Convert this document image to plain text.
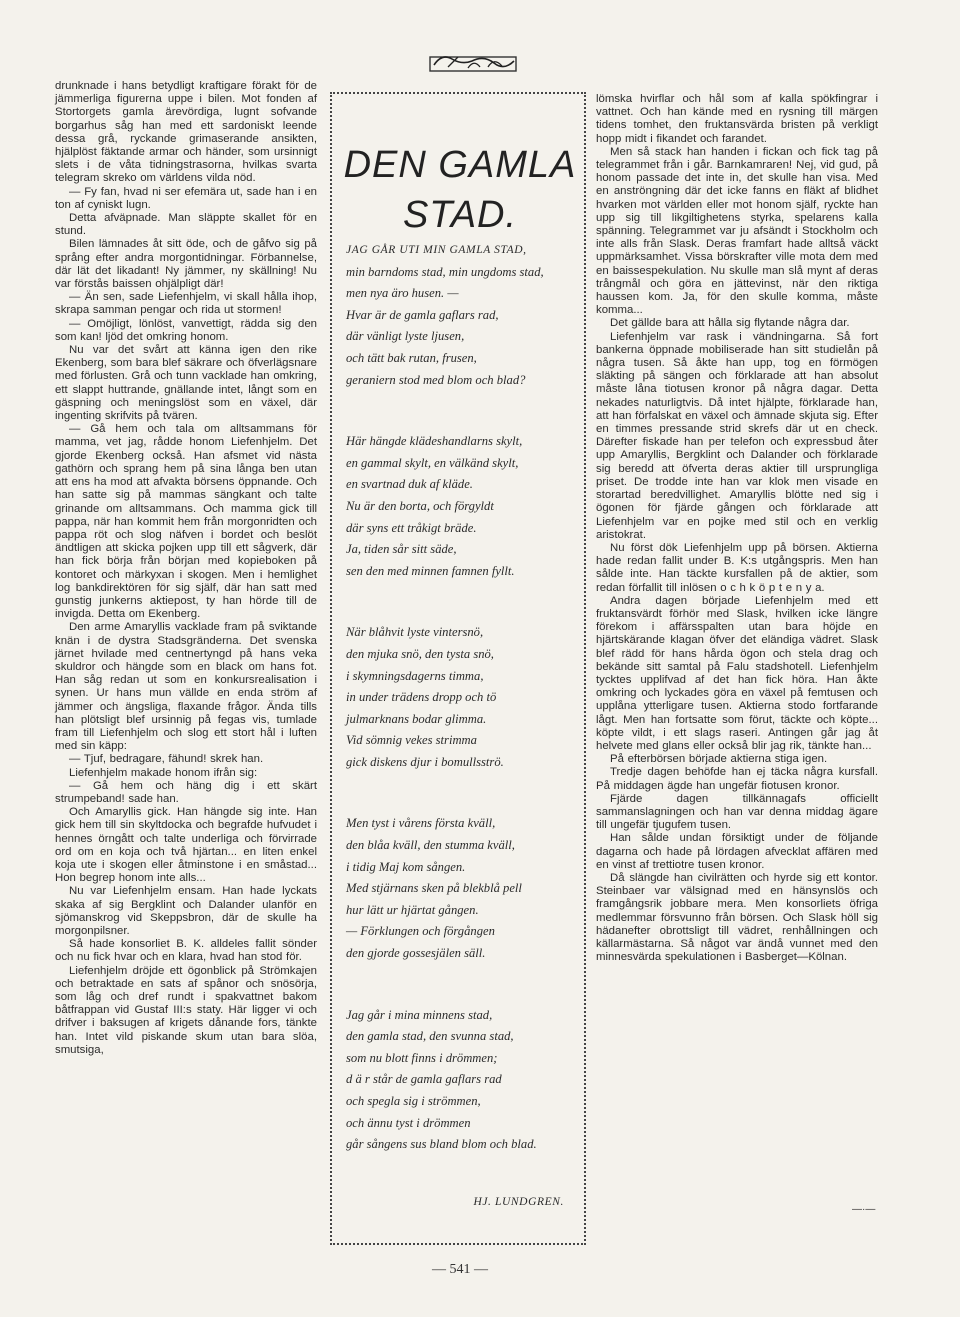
drunknade i hans betydligt kraftigare förakt för de jämmerliga figurerna uppe i bilen. Mot fonden af Stortorgets gamla ärevördiga, lugnt sofvande borgarhus såg han med ett sardoniskt leende dessa grå, ryckande grimaserande ansikten, hjälplöst fäktande armar och händer, som ursinnigt slets i de våta tidningstrasorna, hvilkas svarta telegram skreko om världens vilda nöd.

— Fy fan, hvad ni ser efemära ut, sade han i en ton af cyniskt lugn.

Detta afväpnade. Man släppte skallet för en stund.

Bilen lämnades åt sitt öde, och de gåfvo sig på språng efter andra morgontidningar. Förbannelse, där lät det likadant! Ny jämmer, ny skällning! Nu var förstås baissen ohjälpligt där!

— Än sen, sade Liefenhjelm, vi skall hålla ihop, skrapa samman pengar och rida ut stormen!

— Omöjligt, lönlöst, vanvettigt, rädda sig den som kan! ljöd det omkring honom.

Nu var det svårt att känna igen den rike Ekenberg, som bara blef säkrare och öfverlägsnare med förlusten. Grå och tunn vacklade han omkring, ett slappt huttrande, gnällande intet, långt som en gäspning och meningslöst som en växel, där ingenting skrifvits på tvären.

— Gå hem och tala om alltsammans för mamma, vet jag, rådde honom Liefenhjelm. Det gjorde Ekenberg också. Han afsmet vid nästa gathörn och sprang hem på sina långa ben utan att ens ha mod att afvakta börsens öppnande. Och han satte sig på mammas sängkant och talte grinande om alltsammans. Och mamma gick till pappa, när han kommit hem från morgonridten och pappa röt och slog näfven i bordet och beslöt ändtligen att skicka pojken upp till ett sågverk, där han fick börja från början med kopieboken på kontoret och märkyxan i skogen. Men i hemlighet log bankdirektören för sig själf, där han satt med gunstig junkerns aktiepost, ty han hörde till de invigda. Detta om Ekenberg.

Den arme Amaryllis vacklade fram på sviktande knän i de dystra Stadsgränderna. Det svenska järnet hvilade med centnertyngd på hans veka skuldror och hängde som en black om hans fot. Han såg redan ut som en konkursrealisation i synen. Ur hans mun vällde en enda ström af jämmer och ängsliga, flaxande frågor. Ända tills han plötsligt blef ursinnig på fegas vis, tumlade fram till Liefenhjelm och slog ett stort hål i luften med sin käpp:

— Tjuf, bedragare, fähund! skrek han.

Liefenhjelm makade honom ifrån sig:

— Gå hem och häng dig i ett skärt strumpeband! sade han.

Och Amaryllis gick. Han hängde sig inte. Han gick hem till sin skyltdocka och begrafde hufvudet i hennes örngått och talte underliga och förvirrade ord om en koja och två hjärtan... en liten enkel koja ute i skogen eller åtminstone i en småstad... Hon begrep honom inte alls...

Nu var Liefenhjelm ensam. Han hade lyckats skaka af sig Bergklint och Dalander ulanför en sjömanskrog vid Skeppsbron, där de skulle ha morgonpilsner.

Så hade konsorliet B. K. alldeles fallit sönder och nu fick hvar och en klara, hvad han stod för.

Liefenhjelm dröjde ett ögonblick på Strömkajen och betraktade en sats af spånor och snösörja, som låg och dref rundt i spakvattnet bakom båtfrappan vid Gustaf III:s staty. Här ligger vi och drifver i baksugen af krigets dånande fors, tänkte han. Intet vild piskande skum utan bara slöa, smutsiga,

DEN GAMLA
STAD.
JAG GÅR UTI MIN GAMLA STAD,
min barndoms stad, min ungdoms stad,
men nya äro husen. —
Hvar är de gamla gaflars rad,
där vänligt lyste ljusen,
och tätt bak rutan, frusen,
geraniern stod med blom och blad?
Här hängde klädeshandlarns skylt,
en gammal skylt, en välkänd skylt,
en svartnad duk af kläde.
Nu är den borta, och förgyldt
där syns ett tråkigt bräde.
Ja, tiden sår sitt säde,
sen den med minnen famnen fyllt.
När blåhvit lyste vintersnö,
den mjuka snö, den tysta snö,
i skymningsdagerns timma,
in under trädens dropp och tö
julmarknans bodar glimma.
Vid sömnig vekes strimma
gick diskens djur i bomullsströ.
Men tyst i vårens första kväll,
den blåa kväll, den stumma kväll,
i tidig Maj kom sången.
Med stjärnans sken på blekblå pell
hur lätt ur hjärtat gången.
— Förklungen och förgången
den gjorde gossesjälen säll.
Jag går i mina minnens stad,
den gamla stad, den svunna stad,
som nu blott finns i drömmen;
d ä r står de gamla gaflars rad
och spegla sig i strömmen,
och ännu tyst i drömmen
går sångens sus bland blom och blad.
HJ. LUNDGREN.

lömska hvirflar och hål som af kalla spökfingrar i vattnet. Och han kände med en rysning till märgen tidens tomhet, den fruktansvärda bristen på verkligt hopp midt i fikandet och farandet.

Men så stack han handen i fickan och fick tag på telegrammet från i går. Barnkamraren! Nej, vid gud, på honom passade det inte in, det skulle han visa. Med en anströngning där det icke fanns en fläkt af blidhet hvarken mot världen eller mot honom själf, ryckte han upp sig till likgiltighetens styrka, spelarens kalla spänning. Telegrammet var ju afsändt i Stockholm och inte alls från Slask. Deras framfart hade alltså väckt uppmärksamhet. Vissa börskrafter ville mota dem med en baissespekulation. Nu skulle man slå mynt af deras trångmål och göra en jättevinst, när den riktiga haussen kom. Ja, för den skulle komma, måste komma...

Det gällde bara att hålla sig flytande några dar.

Liefenhjelm var rask i vändningarna. Så fort bankerna öppnade mobiliserade han sitt studielån på några tusen. Så åkte han upp, tog en förmögen släkting på sängen och förklarade att han absolut måste låna tiotusen kronor på några dagar. Detta nekades naturligtvis. Då intet hjälpte, förklarade han, att han förfalskat en växel och ämnade skjuta sig. Efter en timmes pressande strid skrefs där ut en check. Därefter fiskade han per telefon och expressbud åter upp Amaryllis, Bergklint och Dalander och förklarade sig beredd att öfverta deras aktier till ursprungliga priset. De trodde inte han var klok men visade en storartad beredvillighet. Amaryllis blötte ned sig i ögonen för fjärde gången och förklarade att Liefenhjelm var en pojke med stil och en verklig aristokrat.

Nu först dök Liefenhjelm upp på börsen. Aktierna hade redan fallit under B. K:s utgångspris. Men han sålde inte. Han täckte kursfallen på de aktier, som redan förfallit till inlösen o c h k ö p t e n y a.

Andra dagen började Liefenhjelm med ett fruktansvärdt förhör med Slask, hvilken icke längre förekom i affärsspalten utan bara höjde en hjärtskärande klagan öfver det eländiga vädret. Slask blef rädd för hans hårda ögon och stela drag och bekände sitt samtal på Falu stadshotell. Liefenhjelm tycktes upplifvad af det han fick höra. Han åkte omkring och lyckades göra en växel på femtusen och upplåna ytterligare tusen. Aktierna stodo fortfarande lågt. Men han fortsatte som förut, täckte och köpte... köpte vildt, i ett slags raseri. Antingen går jag åt helvete med glans eller också blir jag rik, tänkte han...

På efterbörsen började aktierna stiga igen.

Tredje dagen behöfde han ej täcka några kursfall. På middagen ägde han ungefär fiotusen kronor.

Fjärde dagen tillkännagafs officiellt sammanslagningen och han var denna middag ägare till ungefär tjugufem tusen.

Han sålde undan försiktigt under de följande dagarna och hade på lördagen afvecklat affären med en vinst af trettiotre tusen kronor.

Då slängde han civilrätten och hyrde sig ett kontor. Steinbaer var välsignad med en hänsynslös och framgångsrik jobbare mera. Men konsorliets öfriga medlemmar försvunno från börsen. Och Slask höll sig hädanefter obrottsligt till vädret, renhållningen och källarmästarna. Så något var ändå vunnet med den minnesvärda spekulationen i Basberget—Kölnan.

—·—
— 541 —
